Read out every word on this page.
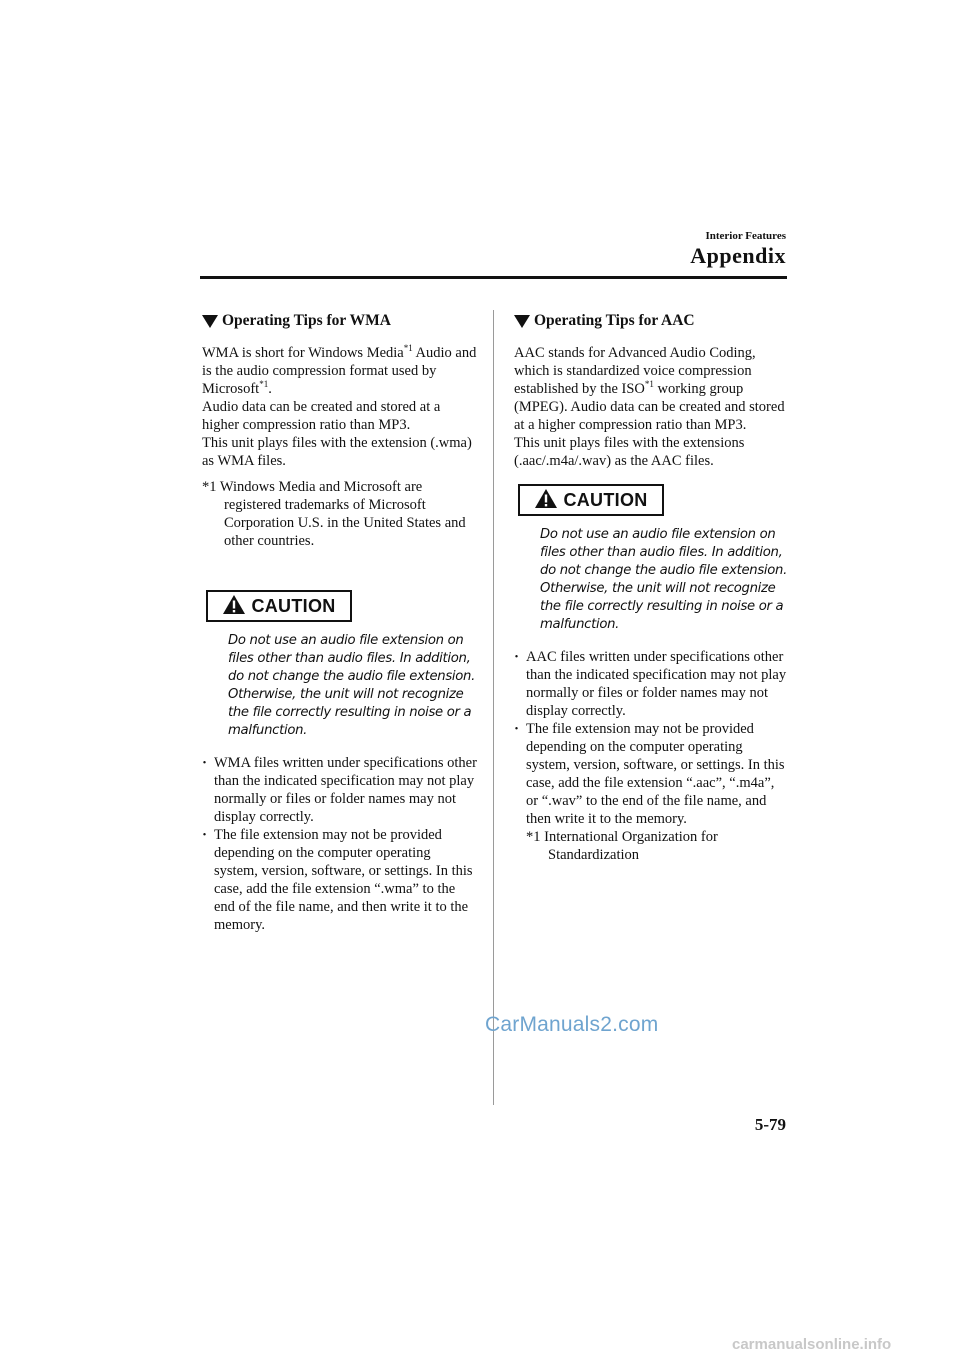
Interior Features
Appendix
Operating Tips for WMA

WMA is short for Windows Media$^{*1}$ Audio and is the audio compression format used by Microsoft$^{*1}$.

Audio data can be created and stored at a higher compression ratio than MP3.

This unit plays files with the extension (.wma) as WMA files.

*1 Windows Media and Microsoft are registered trademarks of Microsoft Corporation U.S. in the United States and other countries.

CAUTION
Do not use an audio file extension on files other than audio files. In addition, do not change the audio file extension. Otherwise, the unit will not recognize the file correctly resulting in noise or a malfunction.
・ WMA files written under specifications other than the indicated specification may not play normally or files or folder names may not display correctly.
・ The file extension may not be provided depending on the computer operating system, version, software, or settings. In this case, add the file extension “.wma” to the end of the file name, and then write it to the memory.
Operating Tips for AAC

AAC stands for Advanced Audio Coding, which is standardized voice compression established by the ISO$^{*1}$ working group (MPEG). Audio data can be created and stored at a higher compression ratio than MP3.

This unit plays files with the extensions (.aac/.m4a/.wav) as the AAC files.

CAUTION
Do not use an audio file extension on files other than audio files. In addition, do not change the audio file extension. Otherwise, the unit will not recognize the file correctly resulting in noise or a malfunction.
・ AAC files written under specifications other than the indicated specification may not play normally or files or folder names may not display correctly.
・ The file extension may not be provided depending on the computer operating system, version, software, or settings. In this case, add the file extension “.aac”, “.m4a”, or “.wav” to the end of the file name, and then write it to the memory.

*1 International Organization for Standardization

CarManuals2.com
5-79
carmanualsonline.info
